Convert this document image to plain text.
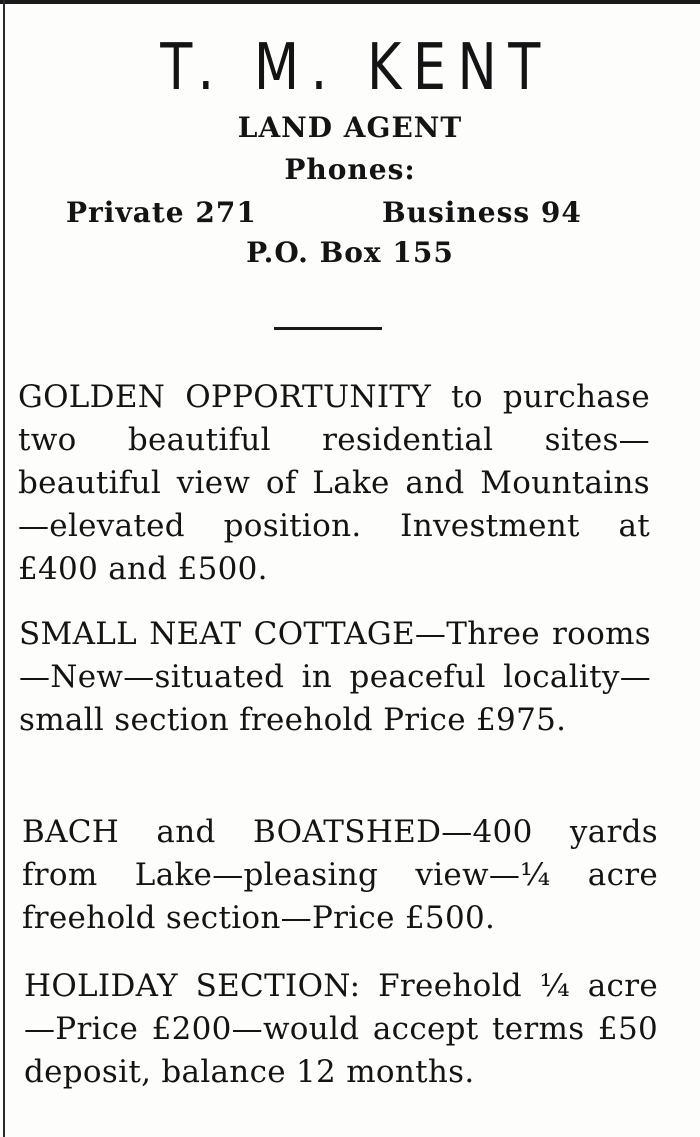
T. M. KENT
LAND AGENT
Phones:
Private 271	Business 94
P.O. Box 155

GOLDEN OPPORTUNITY to purchase two beautiful residential sites—beautiful view of Lake and Mountains—elevated position. Investment at £400 and £500.

SMALL NEAT COTTAGE—Three rooms—New—situated in peaceful locality—small section freehold Price £975.

BACH and BOATSHED—400 yards from Lake—pleasing view—¼ acre freehold section—Price £500.

HOLIDAY SECTION: Freehold ¼ acre—Price £200—would accept terms £50 deposit, balance 12 months.
